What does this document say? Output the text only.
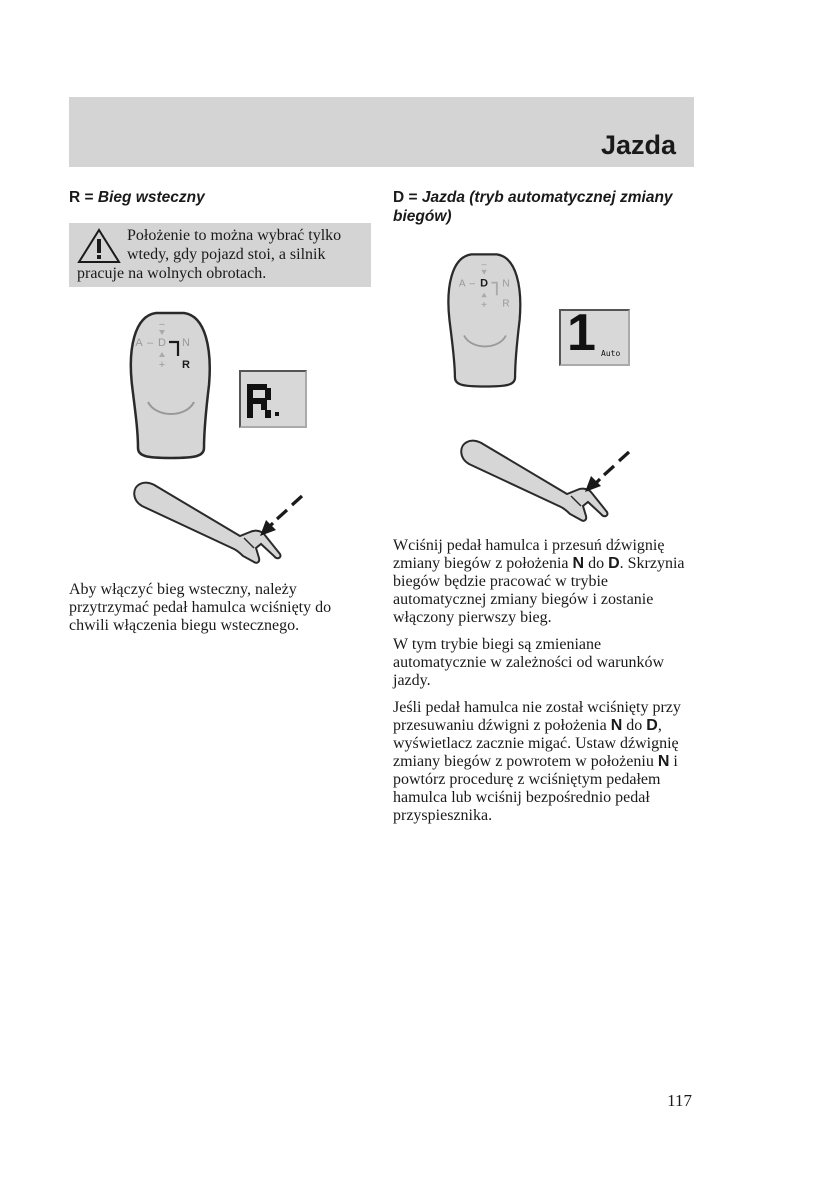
Jazda
R = Bieg wsteczny
Położenie to można wybrać tylko wtedy, gdy pojazd stoi, a silnik pracuje na wolnych obrotach.
–
A – D N
R
+

Aby włączyć bieg wsteczny, należy przytrzymać pedał hamulca wciśnięty do chwili włączenia biegu wstecznego.

D = Jazda (tryb automatycznej zmiany biegów)
–
A – D N
R
+ 1 Auto

Wciśnij pedał hamulca i przesuń dźwignię zmiany biegów z położenia N do D. Skrzynia biegów będzie pracować w trybie automatycznej zmiany biegów i zostanie włączony pierwszy bieg.

W tym trybie biegi są zmieniane automatycznie w zależności od warunków jazdy.

Jeśli pedał hamulca nie został wciśnięty przy przesuwaniu dźwigni z położenia N do D, wyświetlacz zacznie migać. Ustaw dźwignię zmiany biegów z powrotem w położeniu N i powtórz procedurę z wciśniętym pedałem hamulca lub wciśnij bezpośrednio pedał przyspiesznika.

117
